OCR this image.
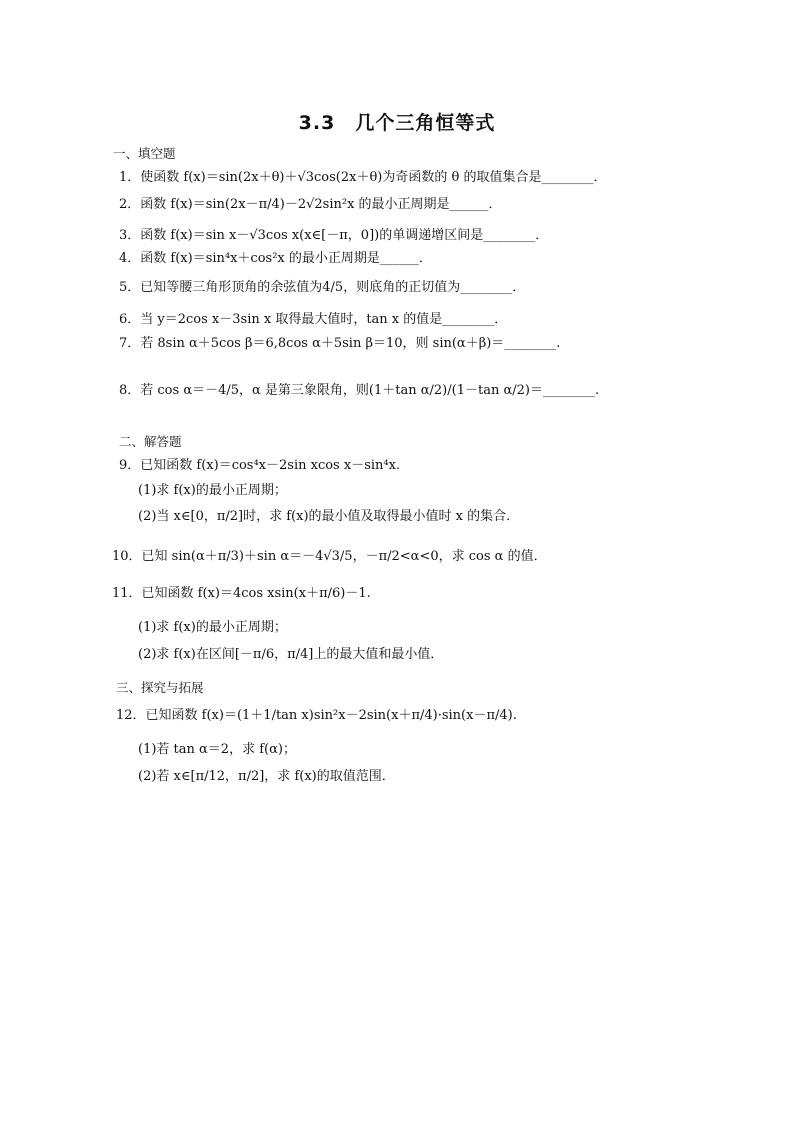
3.3　几个三角恒等式
一、填空题
1．使函数 f(x)＝sin(2x＋θ)＋√3cos(2x＋θ)为奇函数的 θ 的取值集合是________．
2．函数 f(x)＝sin(2x－π/4)－2√2sin²x 的最小正周期是______．
3．函数 f(x)＝sin x－√3cos x(x∈[－π，0])的单调递增区间是________．
4．函数 f(x)＝sin⁴x＋cos²x 的最小正周期是______．
5．已知等腰三角形顶角的余弦值为4/5，则底角的正切值为________．
6．当 y＝2cos x－3sin x 取得最大值时，tan x 的值是________．
7．若 8sin α＋5cos β＝6,8cos α＋5sin β＝10，则 sin(α＋β)＝________.
8．若 cos α＝－4/5，α 是第三象限角，则(1＋tan α/2)/(1－tan α/2)＝________.
二、解答题
9．已知函数 f(x)＝cos⁴x－2sin xcos x－sin⁴x.
(1)求 f(x)的最小正周期；
(2)当 x∈[0，π/2]时，求 f(x)的最小值及取得最小值时 x 的集合．
10．已知 sin(α＋π/3)＋sin α＝－4√3/5，－π/2<α<0，求 cos α 的值．
11．已知函数 f(x)＝4cos xsin(x＋π/6)－1.
(1)求 f(x)的最小正周期；
(2)求 f(x)在区间[－π/6，π/4]上的最大值和最小值．
三、探究与拓展
12．已知函数 f(x)＝(1＋1/tan x)sin²x－2sin(x＋π/4)·sin(x－π/4).
(1)若 tan α＝2，求 f(α)；
(2)若 x∈[π/12，π/2]，求 f(x)的取值范围．
